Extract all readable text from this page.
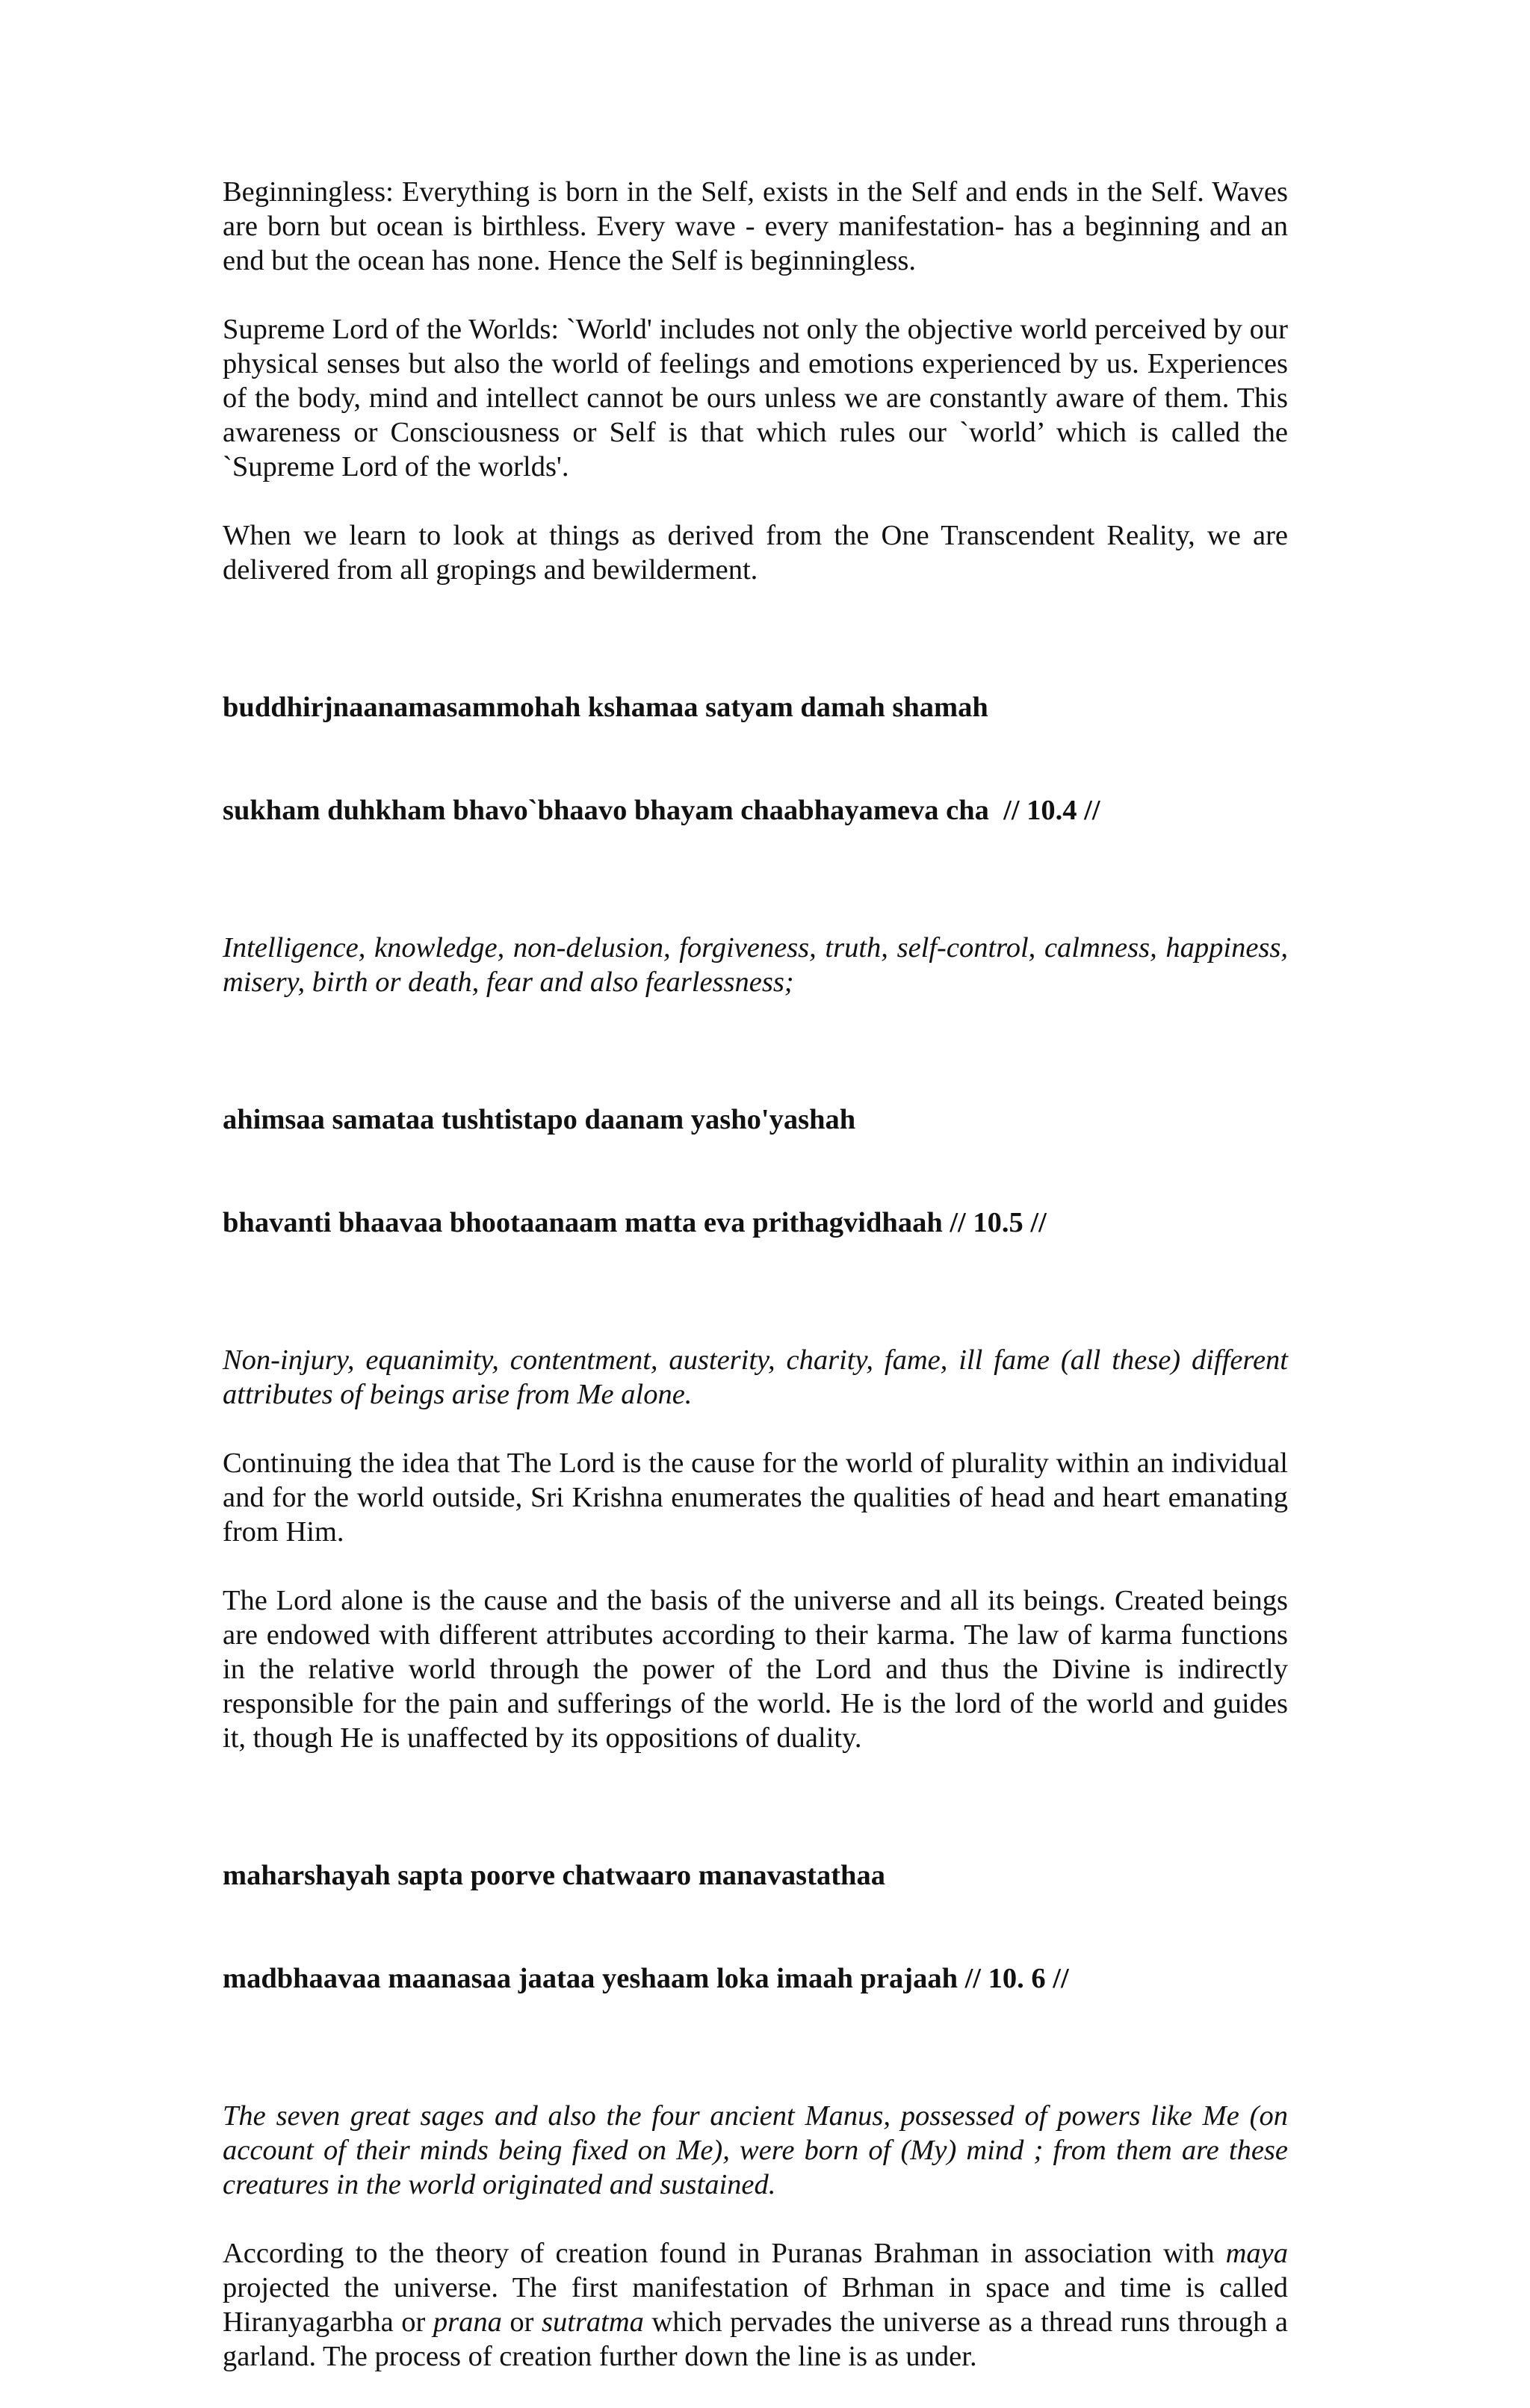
Beginningless: Everything is born in the Self, exists in the Self and ends in the Self. Waves are born but ocean is birthless. Every wave - every manifestation- has a beginning and an end but the ocean has none. Hence the Self is beginningless.

Supreme Lord of the Worlds: `World' includes not only the objective world perceived by our physical senses but also the world of feelings and emotions experienced by us. Experiences of the body, mind and intellect cannot be ours unless we are constantly aware of them. This awareness or Consciousness or Self is that which rules our `world’ which is called the `Supreme Lord of the worlds'.

When we learn to look at things as derived from the One Transcendent Reality, we are delivered from all gropings and bewilderment.

buddhirjnaanamasammohah kshamaa satyam damah shamah

sukham duhkham bhavo`bhaavo bhayam chaabhayameva cha  // 10.4 //

Intelligence, knowledge, non-delusion, forgiveness, truth, self-control, calmness, happiness, misery, birth or death, fear and also fearlessness;

ahimsaa samataa tushtistapo daanam yasho'yashah

bhavanti bhaavaa bhootaanaam matta eva prithagvidhaah // 10.5 //

Non-injury, equanimity, contentment, austerity, charity, fame, ill fame (all these) different attributes of beings arise from Me alone.

Continuing the idea that The Lord is the cause for the world of plurality within an individual and for the world outside, Sri Krishna enumerates the qualities of head and heart emanating from Him.

The Lord alone is the cause and the basis of the universe and all its beings. Created beings are endowed with different attributes according to their karma. The law of karma functions in the relative world through the power of the Lord and thus the Divine is indirectly responsible for the pain and sufferings of the world. He is the lord of the world and guides it, though He is unaffected by its oppositions of duality.

maharshayah sapta poorve chatwaaro manavastathaa

madbhaavaa maanasaa jaataa yeshaam loka imaah prajaah // 10. 6 //

The seven great sages and also the four ancient Manus, possessed of powers like Me (on account of their minds being fixed on Me), were born of (My) mind ; from them are these creatures in the world originated and sustained.

According to the theory of creation found in Puranas Brahman in association with maya projected the universe. The first manifestation of Brhman in space and time is called Hiranyagarbha or prana or sutratma which pervades the universe as a thread runs through a garland. The process of creation further down the line is as under.
